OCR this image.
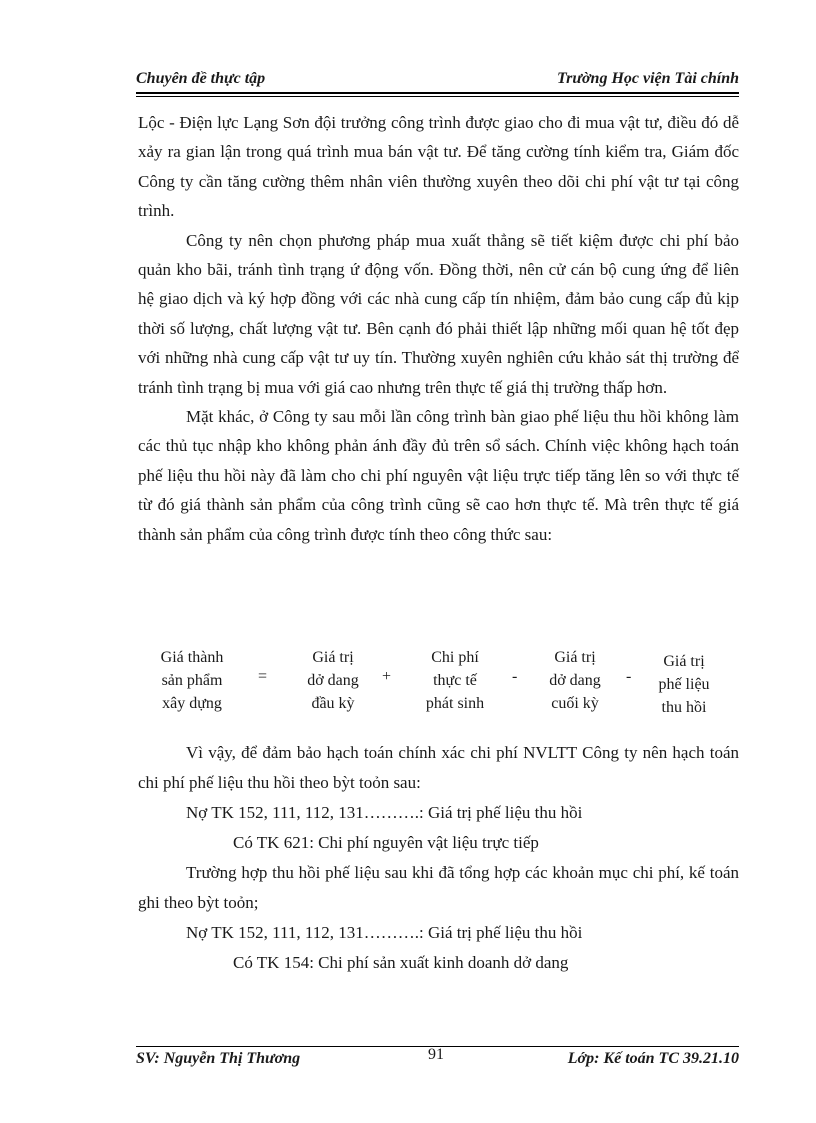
Chuyên đề thực tập	Trường Học viện Tài chính

Lộc - Điện lực Lạng Sơn đội trưởng công trình được giao cho đi mua vật tư, điều đó dễ xảy ra gian lận trong quá trình mua bán vật tư. Để tăng cường tính kiểm tra, Giám đốc Công ty cần tăng cường thêm nhân viên thường xuyên theo dõi chi phí vật tư tại công trình.

Công ty nên chọn phương pháp mua xuất thẳng sẽ tiết kiệm được chi phí bảo quản kho bãi, tránh tình trạng ứ động vốn. Đồng thời, nên cử cán bộ cung ứng để liên hệ giao dịch và ký hợp đồng với các nhà cung cấp tín nhiệm, đảm bảo cung cấp đủ kịp thời số lượng, chất lượng vật tư. Bên cạnh đó phải thiết lập những mối quan hệ tốt đẹp với những nhà cung cấp vật tư uy tín. Thường xuyên nghiên cứu khảo sát thị trường để tránh tình trạng bị mua với giá cao nhưng trên thực tế giá thị trường thấp hơn.

Mặt khác, ở Công ty sau mỗi lần công trình bàn giao phế liệu thu hồi không làm các thủ tục nhập kho không phản ánh đầy đủ trên sổ sách. Chính việc không hạch toán phế liệu thu hồi này đã làm cho chi phí nguyên vật liệu trực tiếp tăng lên so với thực tế từ đó giá thành sản phẩm của công trình cũng sẽ cao hơn thực tế. Mà trên thực tế giá thành sản phẩm của công trình được tính theo công thức sau:

Giá thành
sản phẩm
xây dựng
=
Giá trị
dở dang
đầu kỳ
+
Chi phí
thực tế
phát sinh
-
Giá trị
dở dang
cuối kỳ
-
Giá trị
phế liệu
thu hồi
Vì vậy, để đảm bảo hạch toán chính xác chi phí NVLTT Công ty nên hạch toán chi phí phế liệu thu hồi theo bỳt toỏn sau:
Nợ TK 152, 111, 112, 131……….: Giá trị phế liệu thu hồi
Có TK 621: Chi phí nguyên vật liệu trực tiếp
Trường hợp thu hồi phế liệu sau khi đã tổng hợp các khoản mục chi phí, kế toán ghi theo bỳt toỏn;
Nợ TK 152, 111, 112, 131……….: Giá trị phế liệu thu hồi
Có TK 154: Chi phí sản xuất kinh doanh dở dang
SV: Nguyễn Thị Thương	91	Lớp: Kế toán TC 39.21.10
